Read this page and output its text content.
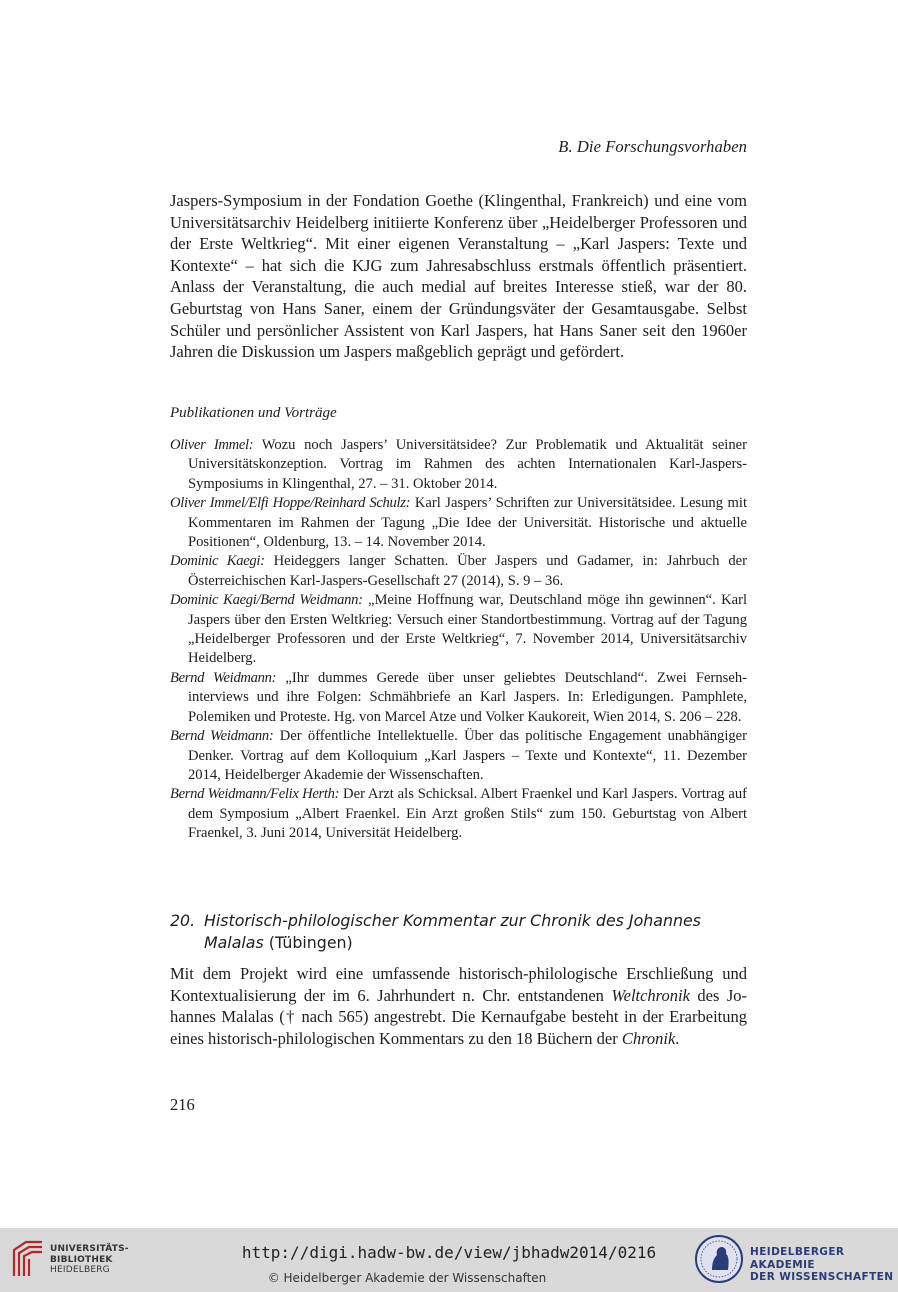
B. Die Forschungsvorhaben

Jaspers-Symposium in der Fondation Goethe (Klingenthal, Frankreich) und eine vom Universitätsarchiv Heidelberg initiierte Konferenz über „Heidelberger Professoren und der Erste Weltkrieg“. Mit einer eigenen Veranstaltung – „Karl Jaspers: Texte und Kontexte“ – hat sich die KJG zum Jahresabschluss erstmals öffentlich präsentiert. Anlass der Veranstaltung, die auch medial auf breites Interesse stieß, war der 80. Geburtstag von Hans Saner, einem der Gründungsväter der Gesamtausgabe. Selbst Schüler und persönlicher Assistent von Karl Jaspers, hat Hans Saner seit den 1960er Jahren die Diskussion um Jaspers maßgeblich geprägt und gefördert.

Publikationen und Vorträge
Oliver Immel: Wozu noch Jaspers’ Universitätsidee? Zur Problematik und Aktualität seiner Universitätskonzeption. Vortrag im Rahmen des achten Internationalen Karl-Jaspers-Symposiums in Klingenthal, 27. – 31. Oktober 2014.
Oliver Immel/Elfi Hoppe/Reinhard Schulz: Karl Jaspers’ Schriften zur Universitätsidee. Lesung mit Kommentaren im Rahmen der Tagung „Die Idee der Universität. Historische und aktuelle Positionen“, Oldenburg, 13. – 14. November 2014.
Dominic Kaegi: Heideggers langer Schatten. Über Jaspers und Gadamer, in: Jahrbuch der Österreichischen Karl-Jaspers-Gesellschaft 27 (2014), S. 9 – 36.
Dominic Kaegi/Bernd Weidmann: „Meine Hoffnung war, Deutschland möge ihn gewinnen“. Karl Jaspers über den Ersten Weltkrieg: Versuch einer Standortbestimmung. Vortrag auf der Tagung „Heidelberger Professoren und der Erste Weltkrieg“, 7. November 2014, Universitätsarchiv Heidelberg.
Bernd Weidmann: „Ihr dummes Gerede über unser geliebtes Deutschland“. Zwei Fernsehinterviews und ihre Folgen: Schmähbriefe an Karl Jaspers. In: Erledigungen. Pamphlete, Polemiken und Proteste. Hg. von Marcel Atze und Volker Kaukoreit, Wien 2014, S. 206 – 228.
Bernd Weidmann: Der öffentliche Intellektuelle. Über das politische Engagement unabhängiger Denker. Vortrag auf dem Kolloquium „Karl Jaspers – Texte und Kontexte“, 11. Dezember 2014, Heidelberger Akademie der Wissenschaften.
Bernd Weidmann/Felix Herth: Der Arzt als Schicksal. Albert Fraenkel und Karl Jaspers. Vortrag auf dem Symposium „Albert Fraenkel. Ein Arzt großen Stils“ zum 150. Geburtstag von Albert Fraenkel, 3. Juni 2014, Universität Heidelberg.
20. Historisch-philologischer Kommentar zur Chronik des Johannes Malalas (Tübingen)

Mit dem Projekt wird eine umfassende historisch-philologische Erschließung und Kontextualisierung der im 6. Jahrhundert n. Chr. entstandenen Weltchronik des Johannes Malalas († nach 565) angestrebt. Die Kernaufgabe besteht in der Erarbeitung eines historisch-philologischen Kommentars zu den 18 Büchern der Chronik.

216
UNIVERSITÄTS-
BIBLIOTHEK
HEIDELBERG
http://digi.hadw-bw.de/view/jbhadw2014/0216
© Heidelberger Akademie der Wissenschaften
HEIDELBERGER AKADEMIE
DER WISSENSCHAFTEN
